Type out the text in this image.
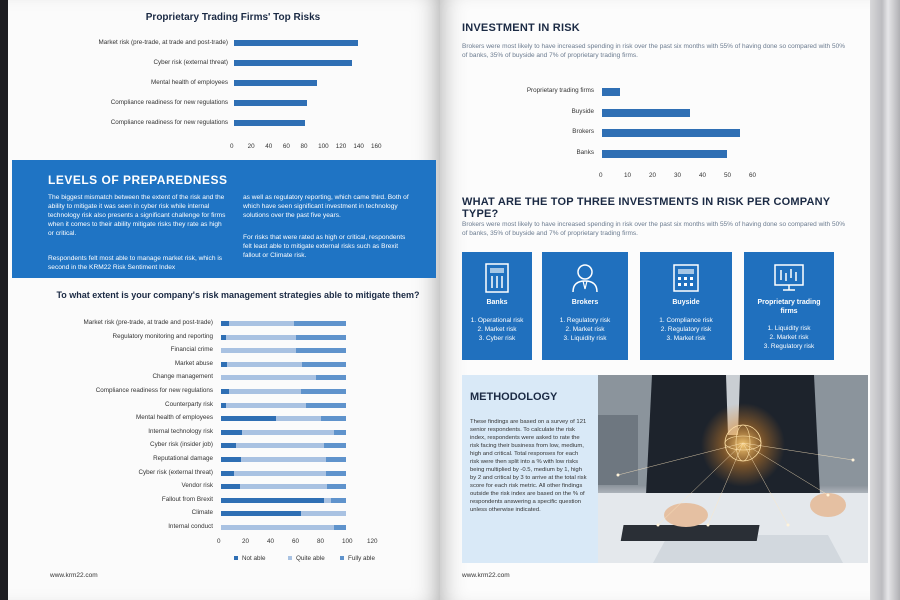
Proprietary Trading Firms' Top Risks
Market risk (pre-trade, at trade and post-trade)
Cyber risk (external threat)
Mental health of employees
Compliance readiness for new regulations
Compliance readiness for new regulations
0 20 40 60 80 100 120 140 160
To what extent is your company's risk management strategies able to mitigate them?
Market risk (pre-trade, at trade and post-trade)
Regulatory monitoring and reporting
Financial crime
Market abuse
Change management
Compliance readiness for new regulations
Counterparty risk
Mental health of employees
Internal technology risk
Cyber risk (insider job)
Reputational damage
Cyber risk (external threat)
Vendor risk
Fallout from Brexit
Climate
Internal conduct
0	20	40	60	80	100 120
Not able	Quite able	Fully able
www.krm22.com
LEVELS OF PREPAREDNESS
The biggest mismatch between the extent of the risk and the ability to mitigate it was seen in cyber risk while internal technology risk also presents a significant challenge for firms when it comes to their ability mitigate risks they rate as high or critical.
Respondents felt most able to manage market risk, which is second in the KRM22 Risk Sentiment Index
as well as regulatory reporting, which came third. Both of which have seen significant investment in technology solutions over the past five years.
For risks that were rated as high or critical, respondents felt least able to mitigate external risks such as Brexit fallout or Climate risk.
INVESTMENT IN RISK
Brokers were most likely to have increased spending in risk over the past six months with 55% of having done so compared with 50% of banks, 35% of buyside and 7% of proprietary trading firms.
Proprietary trading firms
Buyside
Brokers
Banks
0	10	20	30	40	50	60
WHAT ARE THE TOP THREE INVESTMENTS IN RISK PER COMPANY TYPE?
Brokers were most likely to have increased spending in risk over the past six months with 55% of having done so compared with 50% of banks, 35% of buyside and 7% of proprietary trading firms.
www.krm22.com
Banks
1. Operational risk
2. Market risk
3. Cyber risk
Brokers
1. Regulatory risk
2. Market risk
3. Liquidity risk
Buyside
1. Compliance risk
2. Regulatory risk
3. Market risk
Proprietary trading firms
1. Liquidity risk
2. Market risk
3. Regulatory risk
METHODOLOGY
These findings are based on a survey of 121 senior respondents. To calculate the risk index, respondents were asked to rate the risk facing their business from low, medium, high and critical. Total responses for each risk were then split into a % with low risks being multiplied by -0.5, medium by 1, high by 2 and critical by 3 to arrive at the total risk score for each risk metric. All other findings outside the risk index are based on the % of respondents answering a specific question unless otherwise indicated.
